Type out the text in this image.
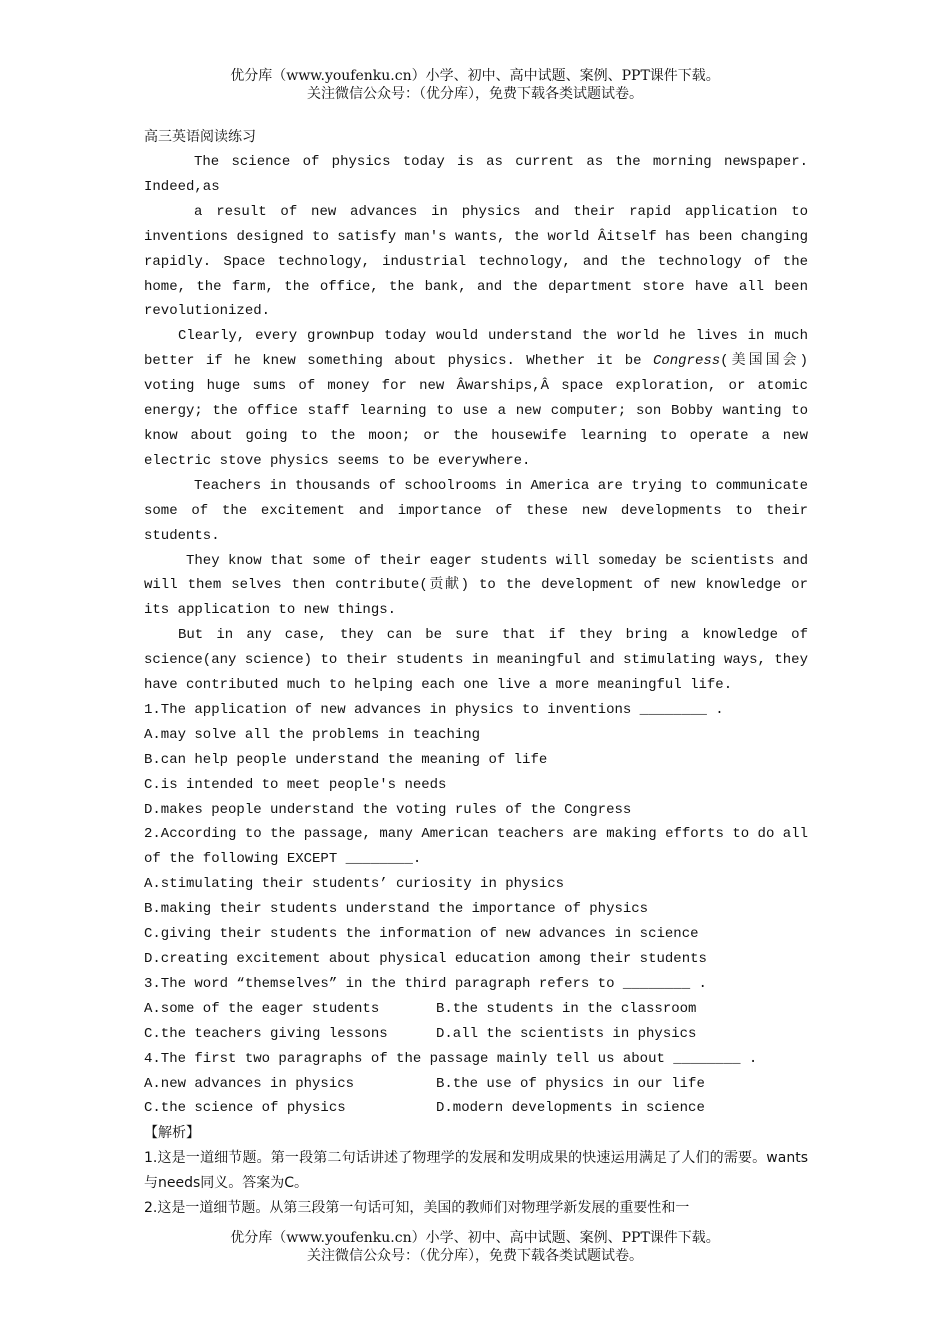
优分库（www.youfenku.cn）小学、初中、高中试题、案例、PPT课件下载。
关注微信公众号：（优分库），免费下载各类试题试卷。
高三英语阅读练习

The science of physics today is as current as the morning newspaper. Indeed,as

a result of new advances in physics and their rapid application to inventions designed to satisfy man′s wants, the world Âitself has been changing rapidly. Space technology, industrial technology, and the technology of the home, the farm, the office, the bank, and the department store have all been revolutionized.

Clearly, every grownÞup today would understand the world he lives in much better if he knew something about physics. Whether it be Congress(美国国会) voting huge sums of money for new Âwarships,Â space exploration, or atomic energy; the office staff learning to use a new computer; son Bobby wanting to know about going to the moon; or the housewife learning to operate a new electric stove physics seems to be everywhere.

Teachers in thousands of schoolrooms in America are trying to communicate some of the excitement and importance of these new developments to their students.

They know that some of their eager students will someday be scientists and will them selves then contribute(贡献) to the development of new knowledge or its application to new things.

But in any case, they can be sure that if they bring a knowledge of science(any science) to their students in meaningful and stimulating ways, they have contributed much to helping each one live a more meaningful life.

1.The application of new advances in physics to inventions ________ .

A.may solve all the problems in teaching

B.can help people understand the meaning of life

C.is intended to meet people′s needs

D.makes people understand the voting rules of the Congress

2.According to the passage, many American teachers are making efforts to do all of the following EXCEPT ________.

A.stimulating their students’ curiosity in physics

B.making their students understand the importance of physics

C.giving their students the information of new advances in science

D.creating excitement about physical education among their students

3.The word “themselves” in the third paragraph refers to ________ .

A.some of the eager students	B.the students in the classroom
C.the teachers giving lessons	D.all the scientists in physics

4.The first two paragraphs of the passage mainly tell us about ________ .

A.new advances in physics	B.the use of physics in our life
C.the science of physics	D.modern developments in science

【解析】

1.这是一道细节题。第一段第二句话讲述了物理学的发展和发明成果的快速运用满足了人们的需要。wants与needs同义。答案为C。

2.这是一道细节题。从第三段第一句话可知，美国的教师们对物理学新发展的重要性和一

优分库（www.youfenku.cn）小学、初中、高中试题、案例、PPT课件下载。
关注微信公众号：（优分库），免费下载各类试题试卷。
